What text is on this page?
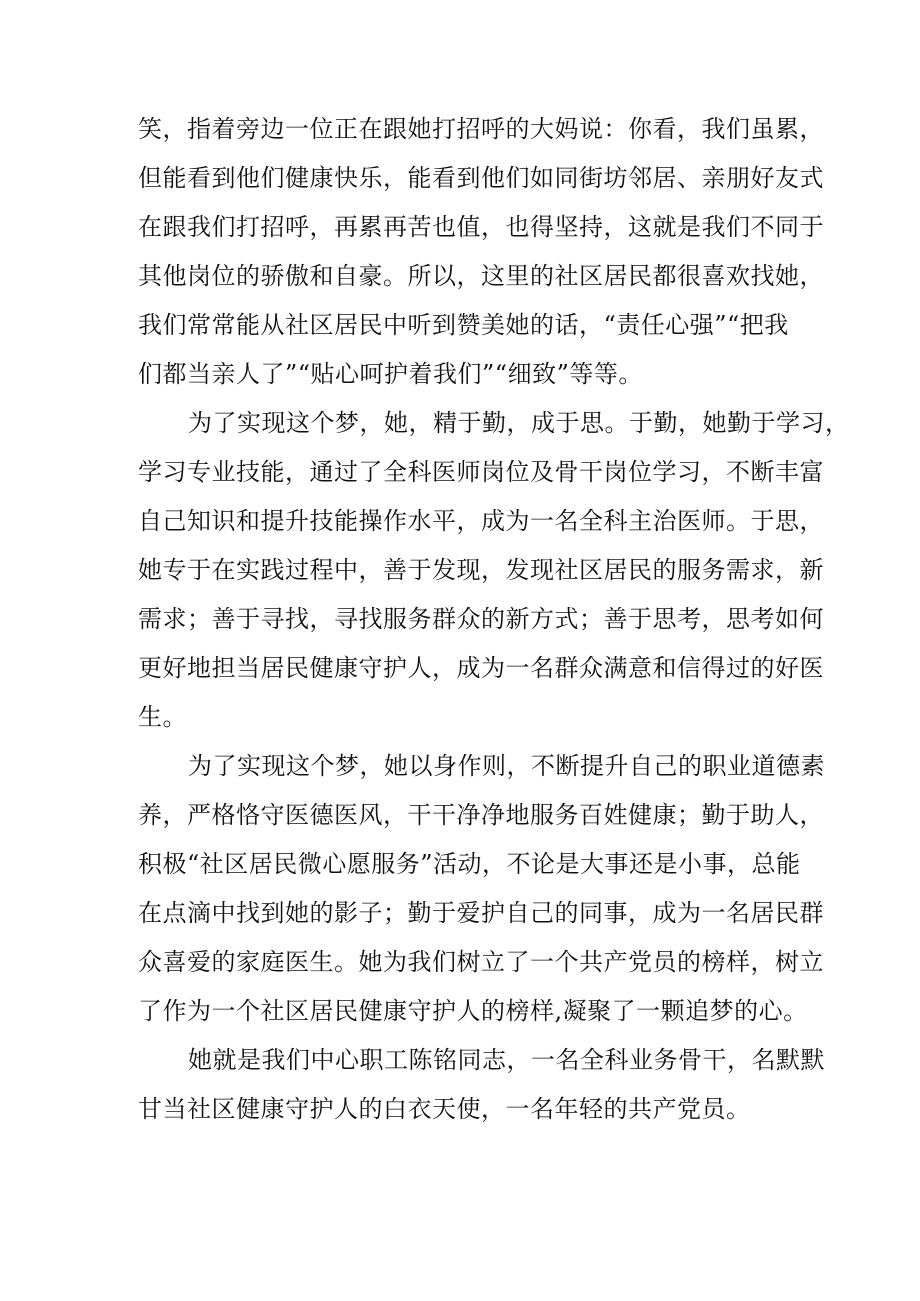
笑，指着旁边一位正在跟她打招呼的大妈说：你看，我们虽累，
但能看到他们健康快乐，能看到他们如同街坊邻居、亲朋好友式
在跟我们打招呼，再累再苦也值，也得坚持，这就是我们不同于
其他岗位的骄傲和自豪。所以，这里的社区居民都很喜欢找她，
我们常常能从社区居民中听到赞美她的话，“责任心强”“把我
们都当亲人了”“贴心呵护着我们”“细致”等等。
为了实现这个梦，她，精于勤，成于思。于勤，她勤于学习，
学习专业技能，通过了全科医师岗位及骨干岗位学习，不断丰富
自己知识和提升技能操作水平，成为一名全科主治医师。于思，
她专于在实践过程中，善于发现，发现社区居民的服务需求，新
需求；善于寻找，寻找服务群众的新方式；善于思考，思考如何
更好地担当居民健康守护人，成为一名群众满意和信得过的好医
生。
为了实现这个梦，她以身作则，不断提升自己的职业道德素
养，严格恪守医德医风，干干净净地服务百姓健康；勤于助人，
积极“社区居民微心愿服务”活动，不论是大事还是小事，总能
在点滴中找到她的影子；勤于爱护自己的同事，成为一名居民群
众喜爱的家庭医生。她为我们树立了一个共产党员的榜样，树立
了作为一个社区居民健康守护人的榜样,凝聚了一颗追梦的心。
她就是我们中心职工陈铭同志，一名全科业务骨干，名默默
甘当社区健康守护人的白衣天使，一名年轻的共产党员。
